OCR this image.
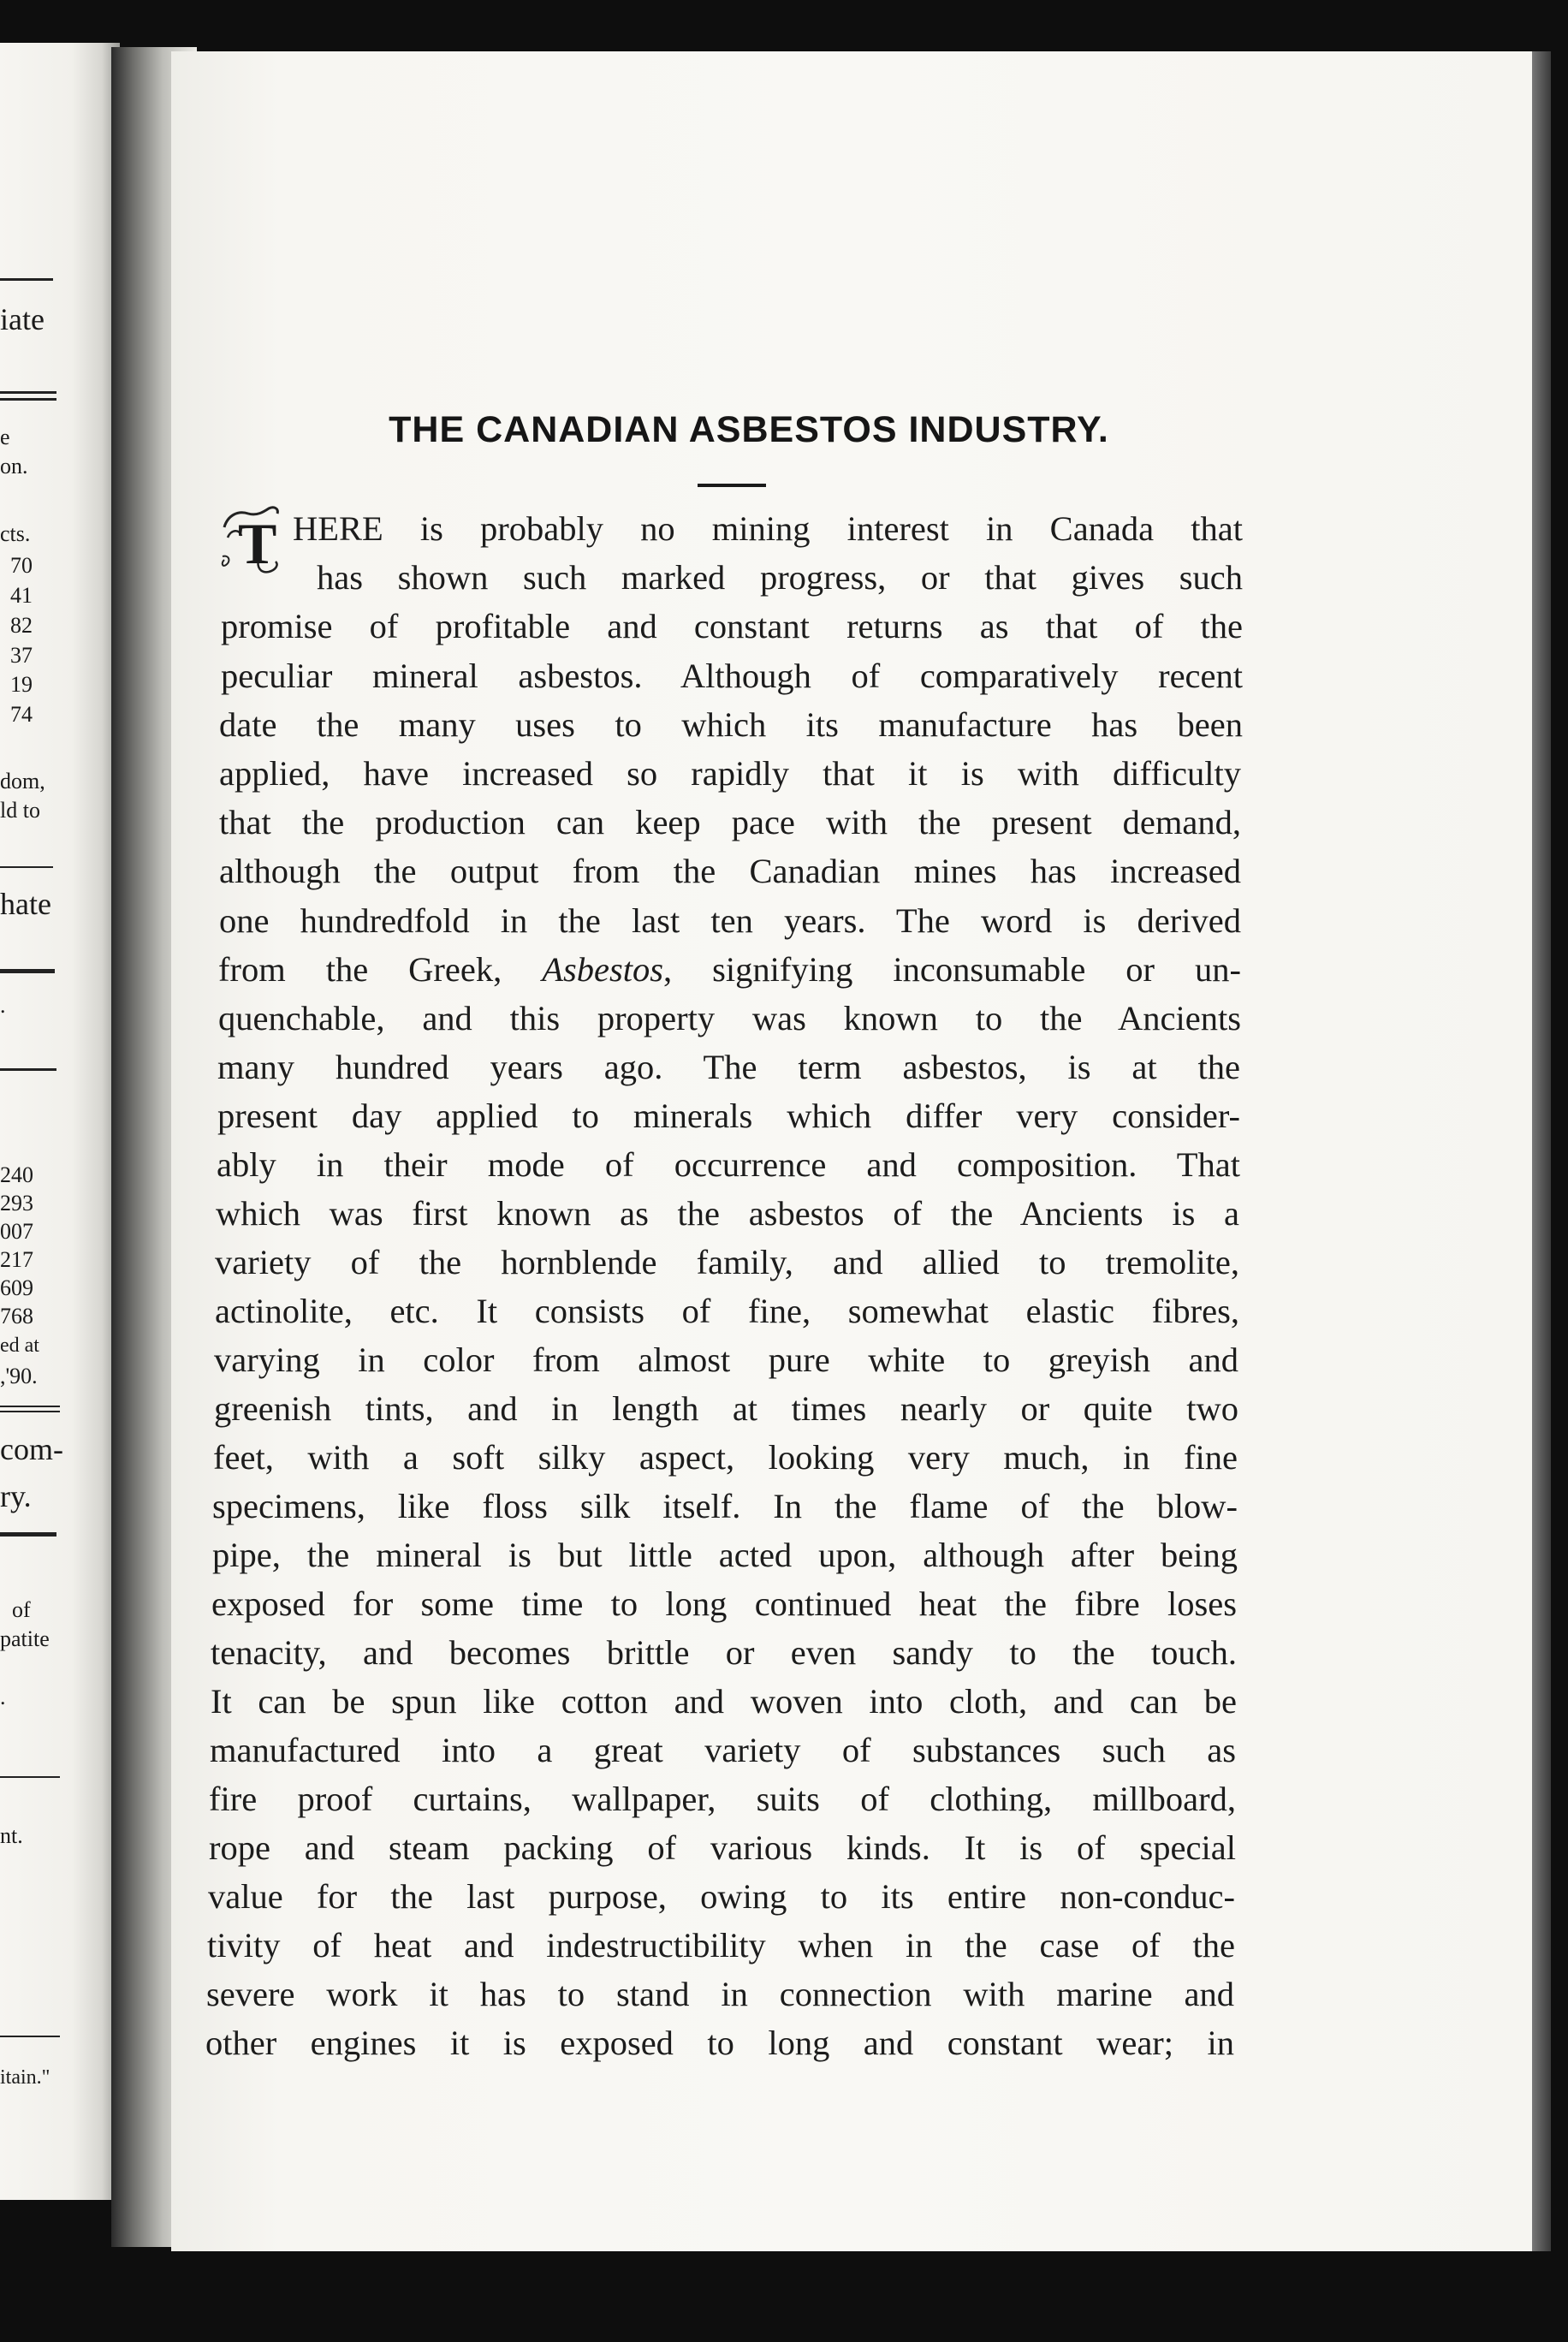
iate
e
on.
cts.
70
41
82
37
19
74
dom,
ld to
hate
.
240
293
007
217
609
768
ed at
,'90.
com-
ry.
of
patite
.
nt.
itain."
THE CANADIAN ASBESTOS INDUSTRY.
T HERE is probably no mining interest in Canada that
has shown such marked progress, or that gives such
promise of profitable and constant returns as that of the
peculiar mineral asbestos. Although of comparatively recent
date the many uses to which its manufacture has been
applied, have increased so rapidly that it is with difficulty
that the production can keep pace with the present demand,
although the output from the Canadian mines has increased
one hundredfold in the last ten years. The word is derived
from the Greek, Asbestos, signifying inconsumable or un-
quenchable, and this property was known to the Ancients
many hundred years ago. The term asbestos, is at the
present day applied to minerals which differ very consider-
ably in their mode of occurrence and composition. That
which was first known as the asbestos of the Ancients is a
variety of the hornblende family, and allied to tremolite,
actinolite, etc. It consists of fine, somewhat elastic fibres,
varying in color from almost pure white to greyish and
greenish tints, and in length at times nearly or quite two
feet, with a soft silky aspect, looking very much, in fine
specimens, like floss silk itself. In the flame of the blow-
pipe, the mineral is but little acted upon, although after being
exposed for some time to long continued heat the fibre loses
tenacity, and becomes brittle or even sandy to the touch.
It can be spun like cotton and woven into cloth, and can be
manufactured into a great variety of substances such as
fire proof curtains, wallpaper, suits of clothing, millboard,
rope and steam packing of various kinds. It is of special
value for the last purpose, owing to its entire non-conduc-
tivity of heat and indestructibility when in the case of the
severe work it has to stand in connection with marine and
other engines it is exposed to long and constant wear; in
